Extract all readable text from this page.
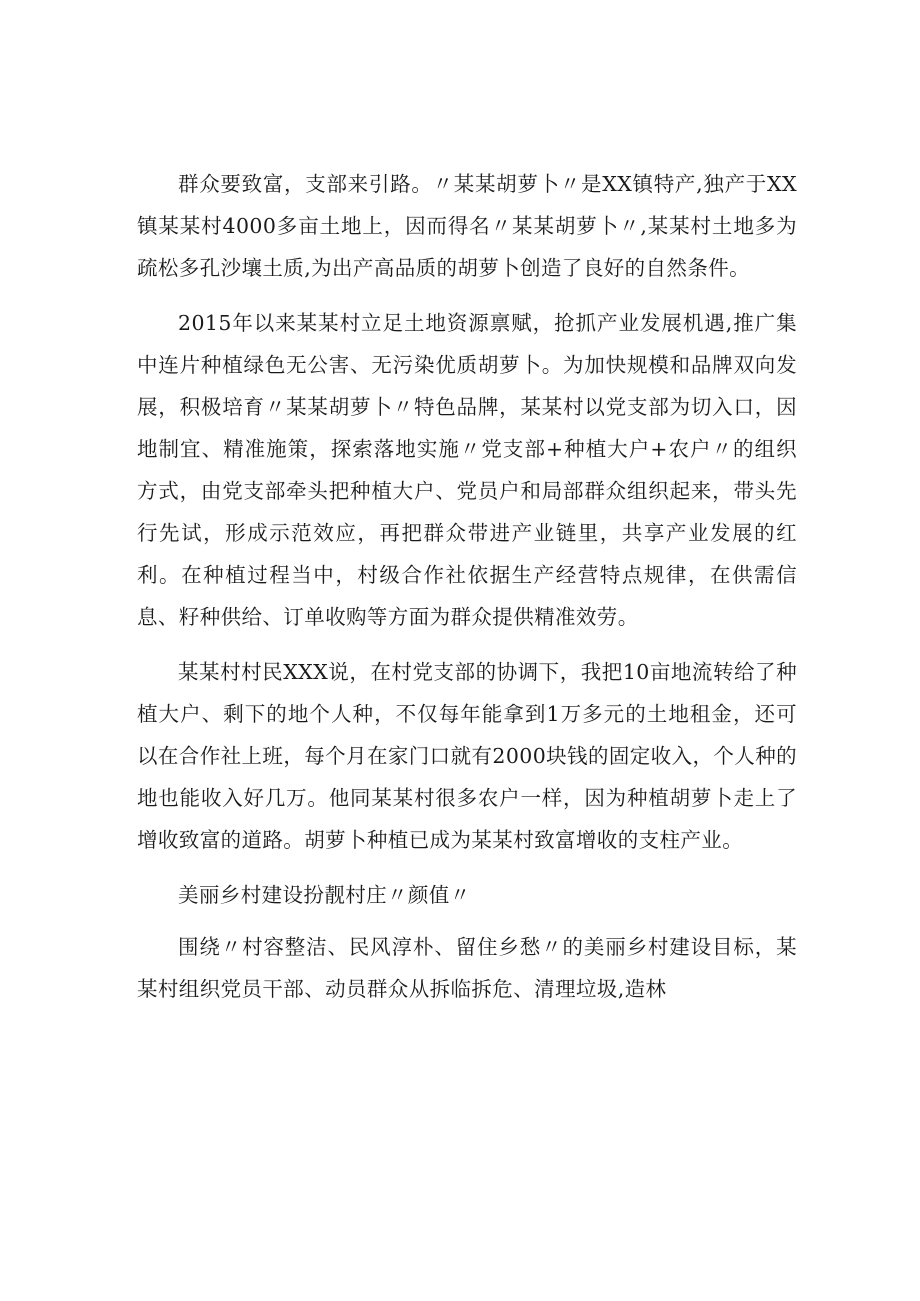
群众要致富，支部来引路。〃某某胡萝卜〃是XX镇特产,独产于XX镇某某村4000多亩土地上，因而得名〃某某胡萝卜〃,某某村土地多为疏松多孔沙壤土质,为出产高品质的胡萝卜创造了良好的自然条件。

2015年以来某某村立足土地资源禀赋，抢抓产业发展机遇,推广集中连片种植绿色无公害、无污染优质胡萝卜。为加快规模和品牌双向发展，积极培育〃某某胡萝卜〃特色品牌，某某村以党支部为切入口，因地制宜、精准施策，探索落地实施〃党支部+种植大户+农户〃的组织方式，由党支部牵头把种植大户、党员户和局部群众组织起来，带头先行先试，形成示范效应，再把群众带进产业链里，共享产业发展的红利。在种植过程当中，村级合作社依据生产经营特点规律，在供需信息、籽种供给、订单收购等方面为群众提供精准效劳。

某某村村民XXX说，在村党支部的协调下，我把10亩地流转给了种植大户、剩下的地个人种，不仅每年能拿到1万多元的土地租金，还可以在合作社上班，每个月在家门口就有2000块钱的固定收入，个人种的地也能收入好几万。他同某某村很多农户一样，因为种植胡萝卜走上了增收致富的道路。胡萝卜种植已成为某某村致富增收的支柱产业。

美丽乡村建设扮靓村庄〃颜值〃

围绕〃村容整洁、民风淳朴、留住乡愁〃的美丽乡村建设目标，某某村组织党员干部、动员群众从拆临拆危、清理垃圾,造林
